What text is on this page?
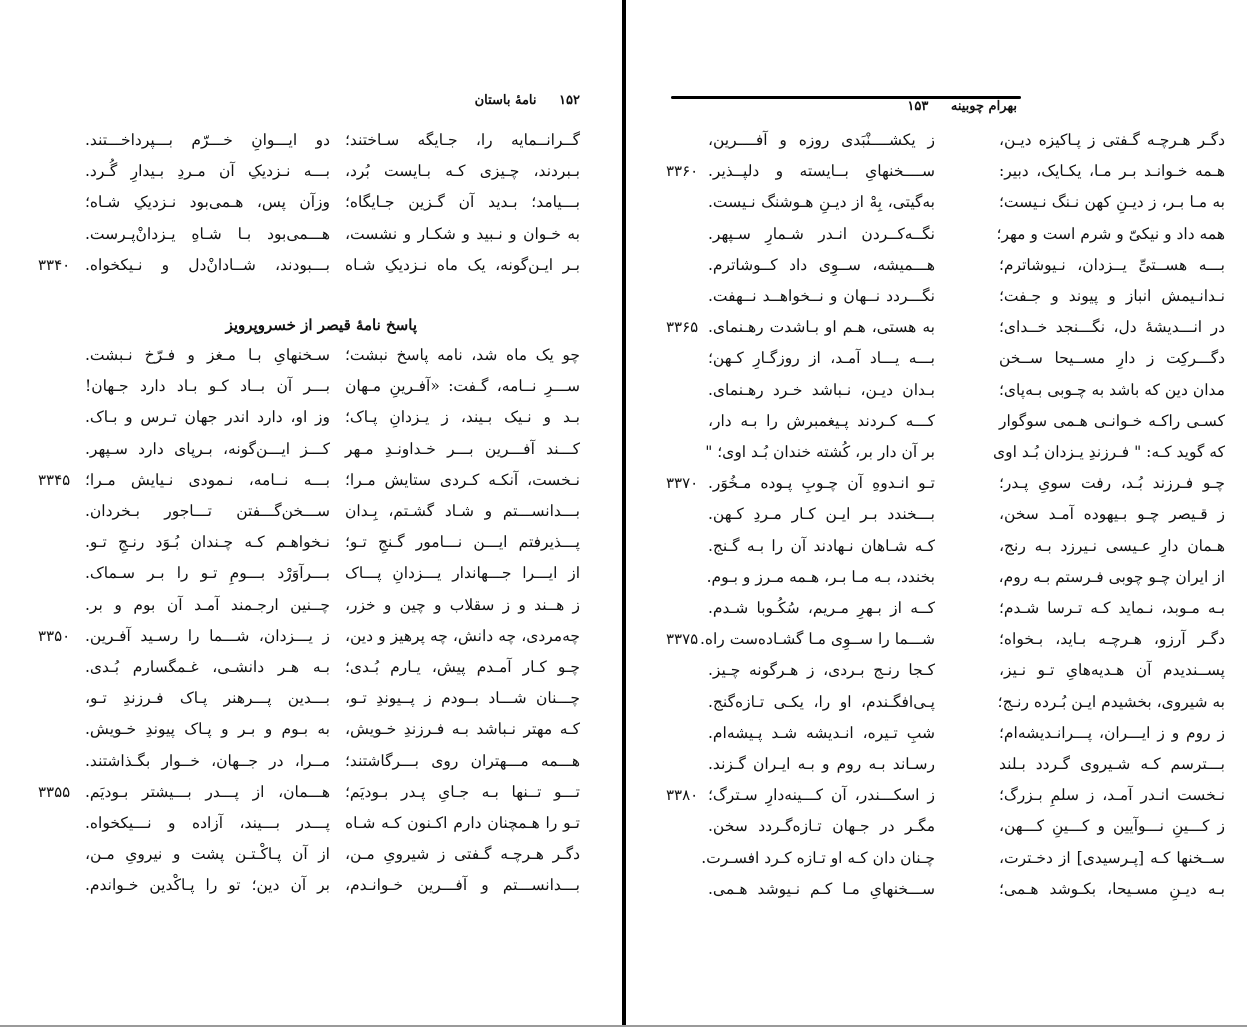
۱۵۲ نامهٔ باستان
گــرانــمایه را، جـایگه سـاختند؛
دو ایـــوانِ خـــرّم بـــپرداخـــتند.
بـبردند، چـیزی کـه بـایست بُرد،
بـــه نـزدیکِ آن مـردِ بـیدارِ گُـرد.
بـــیامد؛ بـدید آن گـزین جـایگاه؛
وزآن پس، هـمی‌بود نـزدیکِ شـاه؛
به خـوان و نـبید و شکـار و نشست،
هـــمی‌بود بـا شـاهِ یـزدانْ‌پـرست.
بـر ایـن‌گونه، یک ماه نـزدیکِ شـاه
بـــبودند، شــادانْ‌دل و نـیکخواه.
۳۳۴۰
پاسخ نامهٔ قیصر از خسروپرویز
چو یک ماه شد، نامه پاسخ نبشت؛
سـخنهایِ بـا مـغز و فـرّخ نـبشت.
ســـرِ نــامه، گـفت: «آفـرینِ مـهان
بـــر آن بــاد کـو بـاد دارد جـهان!
بـد و نـیک بـیند، ز یـزدانِ پـاک؛
وز او، دارد اندر جهان تـرس و بـاک.
کـــند آفـــرین بـــر خـداونـدِ مـهر
کـــز ایـــن‌گونه، بـرپای دارد سـپهر.
نـخست، آنکـه کـردی ستایش مـرا؛
بـــه نــامه، نـمودی نـیایش مـرا؛
۳۳۴۵
بـــدانســـتم و شـاد گشـتم، بِـدان
ســـخن‌گـــفتن تـــاجور بـخردان.
پـــذیرفتم ایـــن نـــامور گـنجِ تـو؛
نـخواهـم کـه چـندان بُـوَد رنـجِ تـو.
از ایـــرا جـــهاندار یـــزدانِ پـــاک
بـــرآوَرْد بـــومِ تـو را بـر سـماک.
ز هــند و ز سقلاب و چین و خزر،
چــنین ارجـمند آمـد آن بوم و بر.
چه‌مردی، چه دانش، چه پرهیز و دین،
ز یـــزدان، شـــما را رسـید آفـرین.
۳۳۵۰
چـو کـار آمـدم پیش، یـارم بُـدی؛
بـه هـر دانشـی، غـمگسارم بُـدی.
چـــنان شـــاد بــودم ز پــیوندِ تـو،
بـــدین پـــرهنر پـاک فـرزندِ تـو،
کـه مهتر نـباشد بـه فـرزندِ خـویش،
به بـوم و بـر و پـاک پیوندِ خـویش.
هـــمه مـــهتران روی بـــرگاشتند؛
مــرا، در جــهان، خــوار بگـذاشتند.
تـــو تــنها بـه جـایِ پـدر بـودیَم؛
هـــمان، از پـــدر بـــیشتر بـودیَم.
۳۳۵۵
تـو را هـمچنان دارم اکـنون کـه شـاه
پـــدر بـــیند، آزاده و نـــیکخواه.
دگـر هـرچـه گـفتی ز شیرویِ مـن،
از آن پـاکْـتـن پشت و نیرویِ مـن،
بـــدانســـتم و آفـــرین خـوانـدم،
بر آن دین؛ تو را پـاکْدین خـواندم.
بهرام چوبینه ۱۵۳
دگـر هـرچـه گـفتی ز پـاکیزه دیـن،
ز یکشــــنْبَدی روزه و آفــــرین،
هـمه خـوانـد بـر مـا، یکـایک، دبیر:
ســــخنهایِ بــایسته و دلپــذیر.
۳۳۶۰
به مـا بـر، ز دیـنِ کهن نـنگ نـیست؛
به‌گیتی، بِهْ از دیـنِ هـوشنگ نـیست.
همه داد و نیکیّ و شرم است و مهر؛
نگــه‌کــردن انـدر شـمارِ سـپهر.
بـــه هســتیِّ یــزدان، نـیوشاترم؛
هـــمیشه، ســوِی داد کــوشاترم.
نـدانـیمش انباز و پیوند و جـفت؛
نگـــردد نــهان و نــخواهــد نــهفت.
در انـــدیشهٔ دل، نگـــنجد خــدای؛
به هستی، هـم او بـاشدت رهـنمای.
۳۳۶۵
دگـــرکِت ز دارِ مســیحا ســخن
بـــه یـــاد آمـد، از روزگـارِ کـهن؛
مدان دین که باشد به چـوبی بـه‌پای؛
بـدان دیـن، نـباشد خـرد رهـنمای.
کسـی راکـه خـوانـی هـمی سوگوار
کـــه کـردند پـیغمبرش را بـه دار،
که گوید کـه: " فـرزندِ یـزدان بُـد اوی
بر آن دار بر، کُشته خندان بُـد اوی؛ "
چـو فـرزند بُـد، رفت سویِ پـدر؛
تـو انـدوهِ آن چـوبِ پـوده مـخُوَر.
۳۳۷۰
ز قـیصر چـو بـیهوده آمـد سخن،
بـــخندد بـر ایـن کـار مـردِ کـهن.
هـمان دارِ عـیسی نـیرزد بـه رنج،
کـه شـاهان نـهادند آن را بـه گـنج.
از ایران چـو چوبی فـرستم بـه روم،
بخندد، بـه مـا بـر، هـمه مـرز و بـوم.
بـه مـوبد، نـماید کـه تـرسا شـدم؛
کــه از بـهرِ مـریم، سُکُـوبا شـدم.
دگـر آرزو، هـرچـه بـاید، بـخواه؛
شـــما را ســوِی مـا گشـادەست راه.
۳۳۷۵
پســندیدم آن هـدیه‌هایِ تـو نـیز،
کـجا رنـج بـردی، ز هـرگونه چـیز.
به شیروی، بخشیدم ایـن بُـرده رنـج؛
پـی‌افگـندم، او را، یکـی تـازه‌گنج.
ز روم و ز ایـــران، پـــرانـدیشه‌ام؛
شبِ تـیره، انـدیشه شـد پـیشه‌ام.
بـــترسم کـه شـیروی گـردد بـلند
رسـاند بـه روم و بـه ایـران گـزند.
نـخست انـدر آمـد، ز سلمِ بـزرگ؛
ز اسکـــندر، آن کـــینه‌دارِ سـترگ؛
۳۳۸۰
ز کـــینِ نـــوآیین و کـــینِ کـــهن،
مگـر در جـهان تـازه‌گـردد سخن.
ســخنها کـه [پـرسیدی] از دخـترت،
چـنان دان کـه او تـازه کـرد افسـرت.
بـه دیـنِ مسـیحا، بکـوشد هـمی؛
ســـخنهایِ مـا کـم نـیوشد هـمی.
